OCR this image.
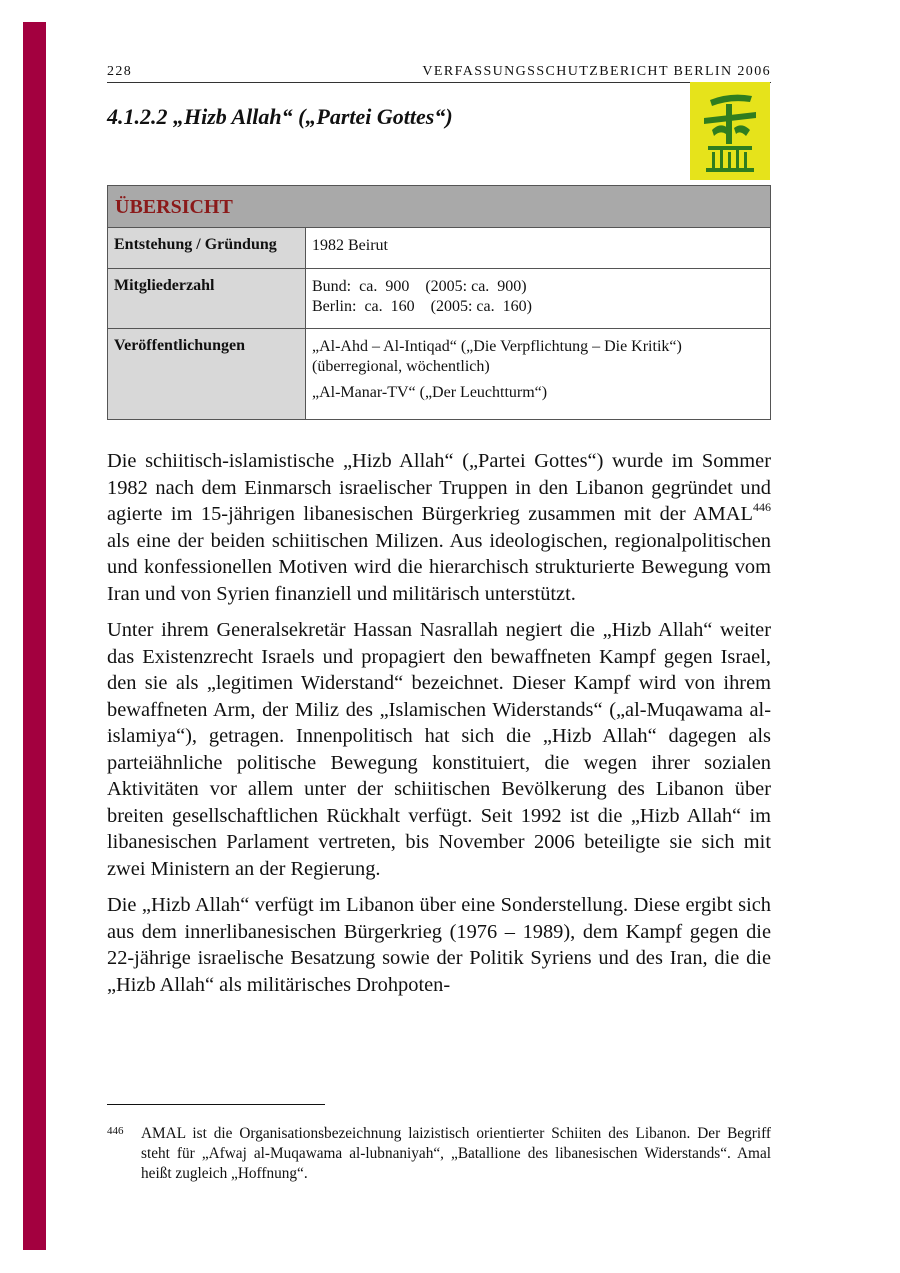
228	VERFASSUNGSSCHUTZBERICHT BERLIN 2006
4.1.2.2 „Hizb Allah“ („Partei Gottes“)
ÜBERSICHT	
Entstehung / Gründung	1982 Beirut
Mitgliederzahl	Bund:  ca.  900    (2005: ca.  900)
Berlin:  ca.  160    (2005: ca.  160)

Veröffentlichungen	„Al-Ahd – Al-Intiqad“ („Die Verpflichtung – Die Kritik“) (überregional, wöchentlich)
„Al-Manar-TV“ („Der Leuchtturm“)

Die schiitisch-islamistische „Hizb Allah“ („Partei Gottes“) wurde im Sommer 1982 nach dem Einmarsch israelischer Truppen in den Libanon gegründet und agierte im 15-jährigen libanesischen Bürgerkrieg zusammen mit der AMAL$^{446}$ als eine der beiden schiitischen Milizen. Aus ideologischen, regionalpolitischen und konfessionellen Motiven wird die hierarchisch strukturierte Bewegung vom Iran und von Syrien finanziell und militärisch unterstützt.

Unter ihrem Generalsekretär Hassan Nasrallah negiert die „Hizb Allah“ weiter das Existenzrecht Israels und propagiert den bewaffneten Kampf gegen Israel, den sie als „legitimen Widerstand“ bezeichnet. Dieser Kampf wird von ihrem bewaffneten Arm, der Miliz des „Islamischen Widerstands“ („al-Muqawama al-islamiya“), getragen. Innenpolitisch hat sich die „Hizb Allah“ dagegen als parteiähnliche politische Bewegung konstituiert, die wegen ihrer sozialen Aktivitäten vor allem unter der schiitischen Bevölkerung des Libanon über breiten gesellschaftlichen Rückhalt verfügt. Seit 1992 ist die „Hizb Allah“ im libanesischen Parlament vertreten, bis November 2006 beteiligte sie sich mit zwei Ministern an der Regierung.

Die „Hizb Allah“ verfügt im Libanon über eine Sonderstellung. Diese ergibt sich aus dem innerlibanesischen Bürgerkrieg (1976 – 1989), dem Kampf gegen die 22-jährige israelische Besatzung sowie der Politik Syriens und des Iran, die die „Hizb Allah“ als militärisches Drohpoten-

446 AMAL ist die Organisationsbezeichnung laizistisch orientierter Schiiten des Libanon. Der Begriff steht für „Afwaj al-Muqawama al-lubnaniyah“, „Batallione des libanesischen Widerstands“. Amal heißt zugleich „Hoffnung“.
